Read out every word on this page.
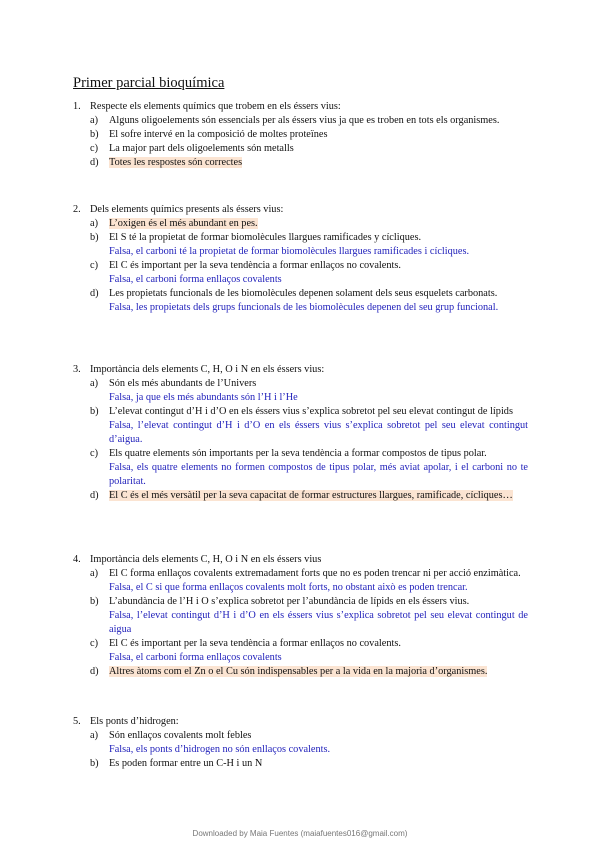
Primer parcial bioquímica
1. Respecte els elements químics que trobem en els éssers vius:
a) Alguns oligoelements són essencials per als éssers vius ja que es troben en tots els organismes.
b) El sofre intervé en la composició de moltes proteïnes
c) La major part dels oligoelements són metalls
d) Totes les respostes són correctes
2. Dels elements químics presents als éssers vius:
a) L’oxigen és el més abundant en pes.
b) El S té la propietat de formar biomolècules llargues ramificades y cícliques.
Falsa, el carboni té la propietat de formar biomolècules llargues ramificades i cícliques.
c) El C és important per la seva tendència a formar enllaços no covalents.
Falsa, el carboni forma enllaços covalents
d) Les propietats funcionals de les biomolècules depenen solament dels seus esquelets carbonats.
Falsa, les propietats dels grups funcionals de les biomolècules depenen del seu grup funcional.
3. Importància dels elements C, H, O i N en els éssers vius:
a) Són els més abundants de l’Univers
Falsa, ja que els més abundants són l’H i l’He
b) L’elevat contingut d’H i d’O en els éssers vius s’explica sobretot pel seu elevat contingut de lípids
Falsa, l’elevat contingut d’H i d’O en els éssers vius s’explica sobretot pel seu elevat contingut d’aigua.
c) Els quatre elements són importants per la seva tendència a formar compostos de tipus polar.
Falsa, els quatre elements no formen compostos de tipus polar, més aviat apolar, i el carboni no te polaritat.
d) El C és el més versàtil per la seva capacitat de formar estructures llargues, ramificade, cícliques…
4. Importància dels elements C, H, O i N en els éssers vius
a) El C forma enllaços covalents extremadament forts que no es poden trencar ni per acció enzimàtica.
Falsa, el C si que forma enllaços covalents molt forts, no obstant això es poden trencar.
b) L’abundància de l’H i O s’explica sobretot per l’abundància de lípids en els éssers vius.
Falsa, l’elevat contingut d’H i d’O en els éssers vius s’explica sobretot pel seu elevat contingut de aigua
c) El C és important per la seva tendència a formar enllaços no covalents.
Falsa, el carboni forma enllaços covalents
d) Altres àtoms com el Zn o el Cu són indispensables per a la vida en la majoria d’organismes.
5. Els ponts d’hidrogen:
a) Són enllaços covalents molt febles
Falsa, els ponts d’hidrogen no són enllaços covalents.
b) Es poden formar entre un C-H i un N
Downloaded by Maia Fuentes (maiafuentes016@gmail.com)
